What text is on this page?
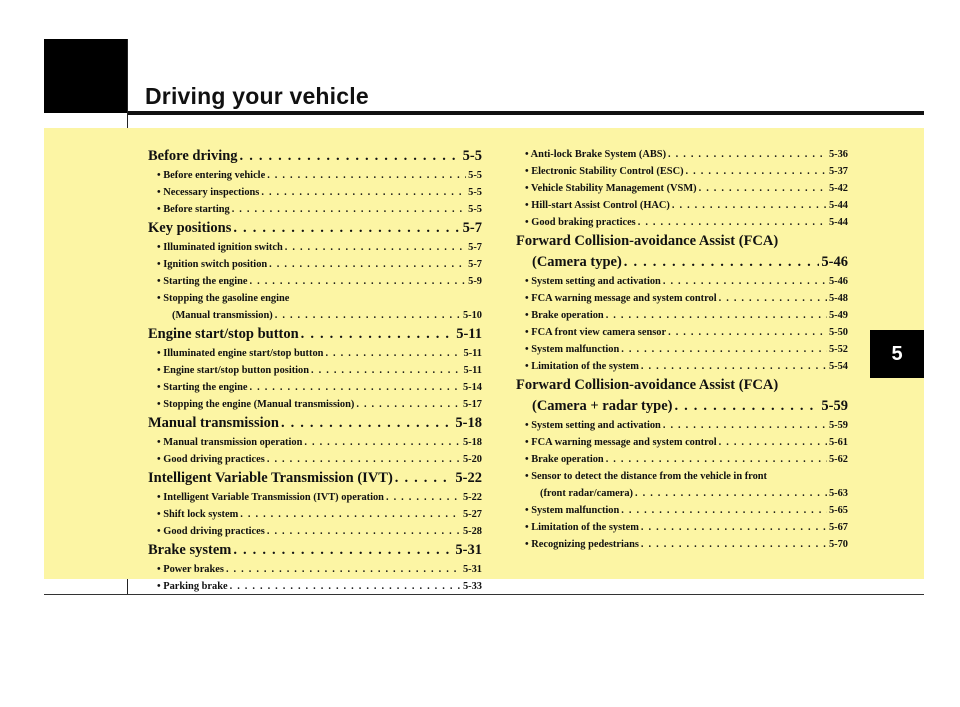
Driving your vehicle
5
Before driving . . .	5-5
• Before entering vehicle . . .	5-5
• Necessary inspections . . .	5-5
• Before starting . . .	5-5
Key positions . . .	5-7
• Illuminated ignition switch . . .	5-7
• Ignition switch position . . .	5-7
• Starting the engine . . .	5-9
• Stopping the gasoline engine
(Manual transmission) . . .	5-10
Engine start/stop button . . .	5-11
• Illuminated engine start/stop button . . .	5-11
• Engine start/stop button position . . .	5-11
• Starting the engine . . .	5-14
• Stopping the engine (Manual transmission) . . .	5-17
Manual transmission . . .	5-18
• Manual transmission operation . . .	5-18
• Good driving practices . . .	5-20
Intelligent Variable Transmission (IVT) . . .	5-22
• Intelligent Variable Transmission (IVT) operation . . .	5-22
• Shift lock system . . .	5-27
• Good driving practices . . .	5-28
Brake system . . .	5-31
• Power brakes . . .	5-31
• Parking brake . . .	5-33
• Anti-lock Brake System (ABS) . . .	5-36
• Electronic Stability Control (ESC) . . .	5-37
• Vehicle Stability Management (VSM) . . .	5-42
• Hill-start Assist Control (HAC) . . .	5-44
• Good braking practices . . .	5-44
Forward Collision-avoidance Assist (FCA)
(Camera type) . . .	5-46
• System setting and activation . . .	5-46
• FCA warning message and system control . . .	5-48
• Brake operation . . .	5-49
• FCA front view camera sensor . . .	5-50
• System malfunction . . .	5-52
• Limitation of the system . . .	5-54
Forward Collision-avoidance Assist (FCA)
(Camera + radar type) . . .	5-59
• System setting and activation . . .	5-59
• FCA warning message and system control . . .	5-61
• Brake operation . . .	5-62
• Sensor to detect the distance from the vehicle in front
(front radar/camera) . . .	5-63
• System malfunction . . .	5-65
• Limitation of the system . . .	5-67
• Recognizing pedestrians . . .	5-70
